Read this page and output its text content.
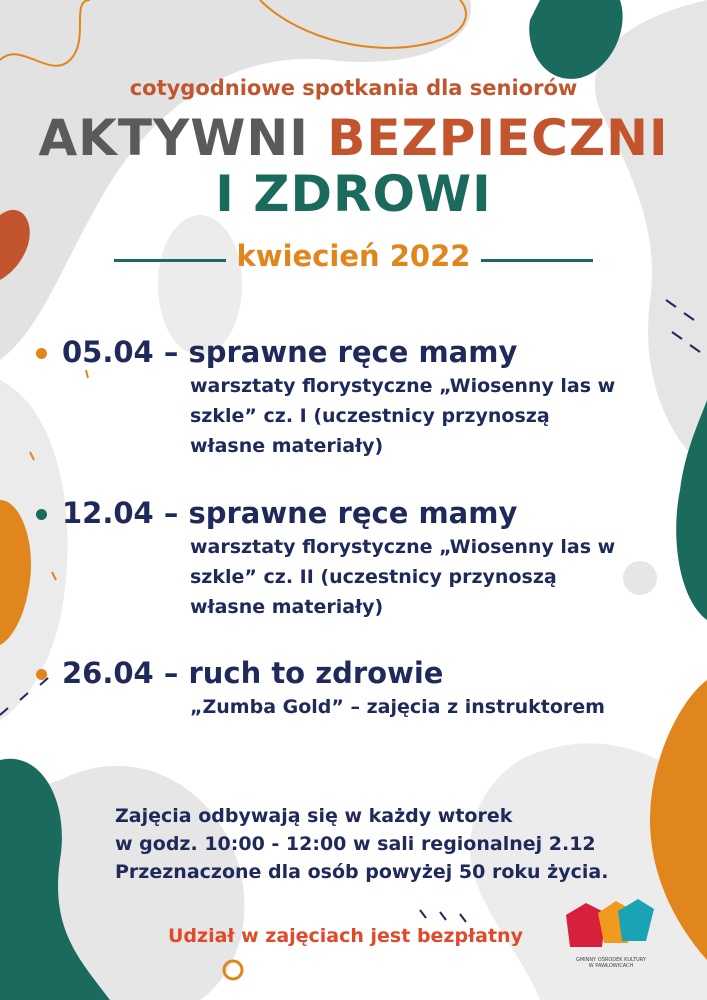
cotygodniowe spotkania dla seniorów
AKTYWNI BEZPIECZNI
I ZDROWI
kwiecień 2022
05.04 – sprawne ręce mamy
warsztaty florystyczne „Wiosenny las w szkle” cz. I (uczestnicy przynoszą własne materiały)
12.04 – sprawne ręce mamy
warsztaty florystyczne „Wiosenny las w szkle” cz. II (uczestnicy przynoszą własne materiały)
26.04 – ruch to zdrowie
„Zumba Gold” – zajęcia z instruktorem
Zajęcia odbywają się w każdy wtorek
w godz. 10:00 - 12:00 w sali regionalnej 2.12
Przeznaczone dla osób powyżej 50 roku życia.
Udział w zajęciach jest bezpłatny
GMINNY OŚRODEK KULTURY
W PAWŁOWICACH
